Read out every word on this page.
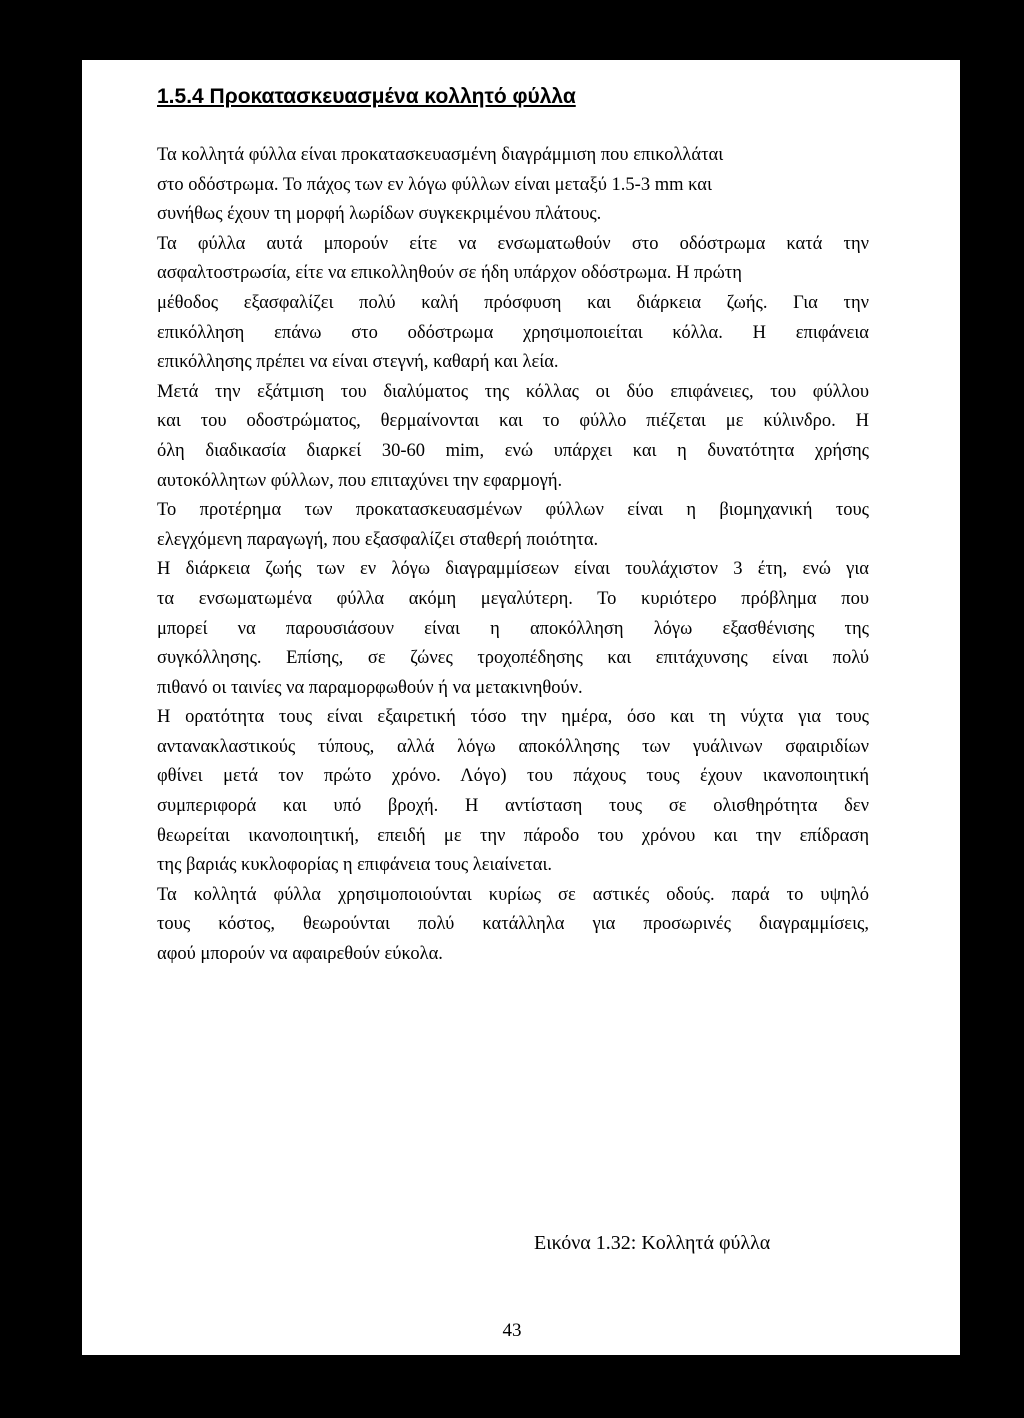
1.5.4 Προκατασκευασμένα κολλητό φύλλα
Τα κολλητά φύλλα είναι προκατασκευασμένη διαγράμμιση που επικολλάται
στο οδόστρωμα. Το πάχος των εν λόγω φύλλων είναι μεταξύ 1.5-3 mm και
συνήθως έχουν τη μορφή λωρίδων συγκεκριμένου πλάτους.
Τα φύλλα αυτά μπορούν είτε να ενσωματωθούν στο οδόστρωμα κατά την
ασφαλτοστρωσία, είτε να επικολληθούν σε ήδη υπάρχον οδόστρωμα. Η πρώτη
μέθοδος εξασφαλίζει πολύ καλή πρόσφυση και διάρκεια ζωής. Για την
επικόλληση επάνω στο οδόστρωμα χρησιμοποιείται κόλλα. Η επιφάνεια
επικόλλησης πρέπει να είναι στεγνή, καθαρή και λεία.
Μετά την εξάτμιση του διαλύματος της κόλλας οι δύο επιφάνειες, του φύλλου
και του οδοστρώματος, θερμαίνονται και το φύλλο πιέζεται με κύλινδρο. Η
όλη διαδικασία διαρκεί 30-60 mim, ενώ υπάρχει και η δυνατότητα χρήσης
αυτοκόλλητων φύλλων, που επιταχύνει την εφαρμογή.
Το προτέρημα των προκατασκευασμένων φύλλων είναι η βιομηχανική τους
ελεγχόμενη παραγωγή, που εξασφαλίζει σταθερή ποιότητα.
Η διάρκεια ζωής των εν λόγω διαγραμμίσεων είναι τουλάχιστον 3 έτη, ενώ για
τα ενσωματωμένα φύλλα ακόμη μεγαλύτερη. Το κυριότερο πρόβλημα που
μπορεί να παρουσιάσουν είναι η αποκόλληση λόγω εξασθένισης της
συγκόλλησης. Επίσης, σε ζώνες τροχοπέδησης και επιτάχυνσης είναι πολύ
πιθανό οι ταινίες να παραμορφωθούν ή να μετακινηθούν.
Η ορατότητα τους είναι εξαιρετική τόσο την ημέρα, όσο και τη νύχτα για τους
αντανακλαστικούς τύπους, αλλά λόγω αποκόλλησης των γυάλινων σφαιριδίων
φθίνει μετά τον πρώτο χρόνο. Λόγο) του πάχους τους έχουν ικανοποιητική
συμπεριφορά και υπό βροχή. Η αντίσταση τους σε ολισθηρότητα δεν
θεωρείται ικανοποιητική, επειδή με την πάροδο του χρόνου και την επίδραση
της βαριάς κυκλοφορίας η επιφάνεια τους λειαίνεται.
Τα κολλητά φύλλα χρησιμοποιούνται κυρίως σε αστικές οδούς. παρά το υψηλό
τους κόστος, θεωρούνται πολύ κατάλληλα για προσωρινές διαγραμμίσεις,
αφού μπορούν να αφαιρεθούν εύκολα.
Εικόνα 1.32: Κολλητά φύλλα
43
